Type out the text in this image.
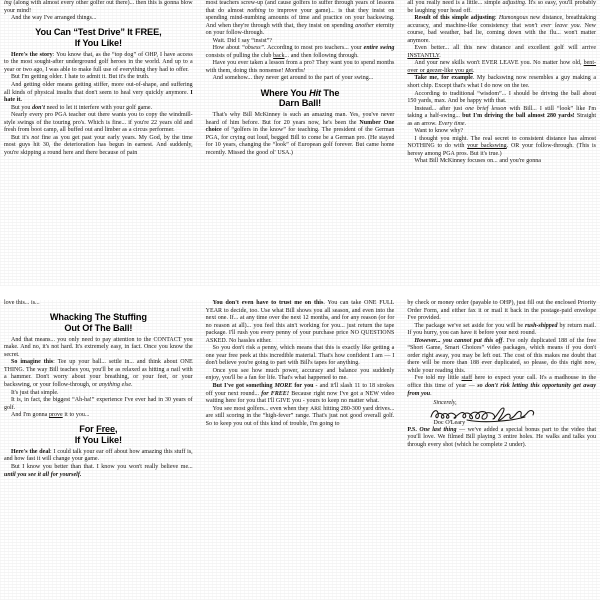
ing (along with almost every other golfer out there)... then this is gonna blow your mind!

And the way I've arranged things...

You Can “Test Drive” It FREE,
If You Like!

Here's the story: You know that, as the “top dog” of OHP, I have access to the most sought-after underground golf heroes in the world. And up to a year or two ago, I was able to make full use of everything they had to offer.

But I'm getting older. I hate to admit it. But it's the truth.

And getting older means getting stiffer, more out-of-shape, and suffering all kinds of physical insults that don't seem to heal very quickly anymore. I hate it.

But you don't need to let it interfere with your golf game.

Nearly every pro PGA teacher out there wants you to copy the windmill-style swings of the touring pro's. Which is fine... if you're 22 years old and fresh from boot camp, all buffed out and limber as a circus performer.

But it's not fine as you get past your early years. My God, by the time most guys hit 30, the deterioration has begun in earnest. And suddenly, you're skipping a round here and there because of pain

most teachers screw-up (and cause golfers to suffer through years of lessons that do almost nothing to improve your game)... is that they insist on spending mind-numbing amounts of time and practice on your backswing. And when they're through with that, they insist on spending another eternity on your follow-through.

Wait. Did I say “insist”?

How about “obsess”. According to most pro teachers... your entire swing consists of pulling the club back... and then following through.

Have you ever taken a lesson from a pro? They want you to spend months with them, doing this nonsense! Months!

And somehow... they never get around to the part of your swing...

Where You Hit The
Darn Ball!

That's why Bill McKinney is such an amazing man. Yes, you've never heard of him before. But for 20 years now, he's been the Number One choice of “golfers in the know” for teaching. The president of the German PGA, for crying out loud, begged Bill to come be a German pro. (He stayed for 10 years, changing the “look” of European golf forever. But came home recently. Missed the good ol' USA.)

all you really need is a little... simple adjusting. It's so easy, you'll probably be laughing your head off.

Result of this simple adjusting: Humongous new distance, breathtaking accuracy, and machine-like consistency that won't ever leave you. New course, bad weather, bad lie, coming down with the flu... won't matter anymore.

Even better... all this new distance and excellent golf will arrive INSTANTLY.

And your new skills won't EVER LEAVE you. No matter how old, bent-over or geezer-like you get.

Take me, for example. My backswing now resembles a guy making a short chip. Except that's what I do now on the tee.

According to traditional “wisdom”... I should be driving the ball about 150 yards, max. And be happy with that.

Instead... after just one brief lesson with Bill... I still “look” like I'm taking a half-swing... but I'm driving the ball almost 280 yards! Straight as an arrow. Every time.

Want to know why?

I thought you might. The real secret to consistent distance has almost NOTHING to do with your backswing. OR your follow-through. (This is heresy among PGA pros. But it's true.)

What Bill McKinney focuses on... and you're gonna

love this... is...

Whacking The Stuffing
Out Of The Ball!

And that means... you only need to pay attention to the CONTACT you make. And no, it's not hard. It's extremely easy, in fact. Once you know the secret.

So imagine this: Tee up your ball... settle in... and think about ONE THING. The way Bill teaches you, you'll be as relaxed as hitting a nail with a hammer. Don't worry about your breathing, or your feet, or your backswing, or your follow-through, or anything else.

It's just that simple.

It is, in fact, the biggest “Ah-ha!” experience I've ever had in 30 years of golf.

And I'm gonna prove it to you...

For Free,
If You Like!

Here's the deal: I could talk your ear off about how amazing this stuff is, and how fast it will change your game.

But I know you better than that. I know you won't really believe me... until you see it all for yourself.

You don't even have to trust me on this. You can take ONE FULL YEAR to decide, too. Use what Bill shows you all season, and even into the next one. If... at any time over the next 12 months, and for any reason (or for no reason at all)... you feel this ain't working for you... just return the tape package. I'll rush you every penny of your purchase price NO QUESTIONS ASKED. No hassles either.

So you don't risk a penny, which means that this is exactly like getting a one year free peek at this incredible material. That's how confident I am — I don't believe you're going to part with Bill's tapes for anything.

Once you see how much power, accuracy and balance you suddenly enjoy, you'll be a fan for life. That's what happened to me.

But I've got something MORE for you - and it'll slash 11 to 18 strokes off your next round... for FREE! Because right now I've got a NEW video waiting here for you that I'll GIVE you - yours to keep no matter what.

You see most golfers... even when they ARE hitting 280-300 yard drives... are still scoring in the “high-fever” range. That's just not good overall golf. So to keep you out of this kind of trouble, I'm going to

by check or money order (payable to OHP), just fill out the enclosed Priority Order Form, and either fax it or mail it back in the postage-paid envelope I've provided.

The package we've set aside for you will be rush-shipped by return mail. If you hurry, you can have it before your next round.

However... you cannot put this off. I've only duplicated 188 of the free “Short Game, Smart Choices” video packages, which means if you don't order right away, you may be left out. The cost of this makes me doubt that there will be more than 188 ever duplicated, so please, do this right now, while your reading this.

I've told my little staff here to expect your call. It's a madhouse in the office this time of year — so don't risk letting this opportunity get away from you.

Sincerely,
Doc O'Leary

P.S. One last thing — we've added a special bonus part to the video that you'll love. We filmed Bill playing 3 entire holes. He walks and talks you through every shot (which he complete 2 under).
